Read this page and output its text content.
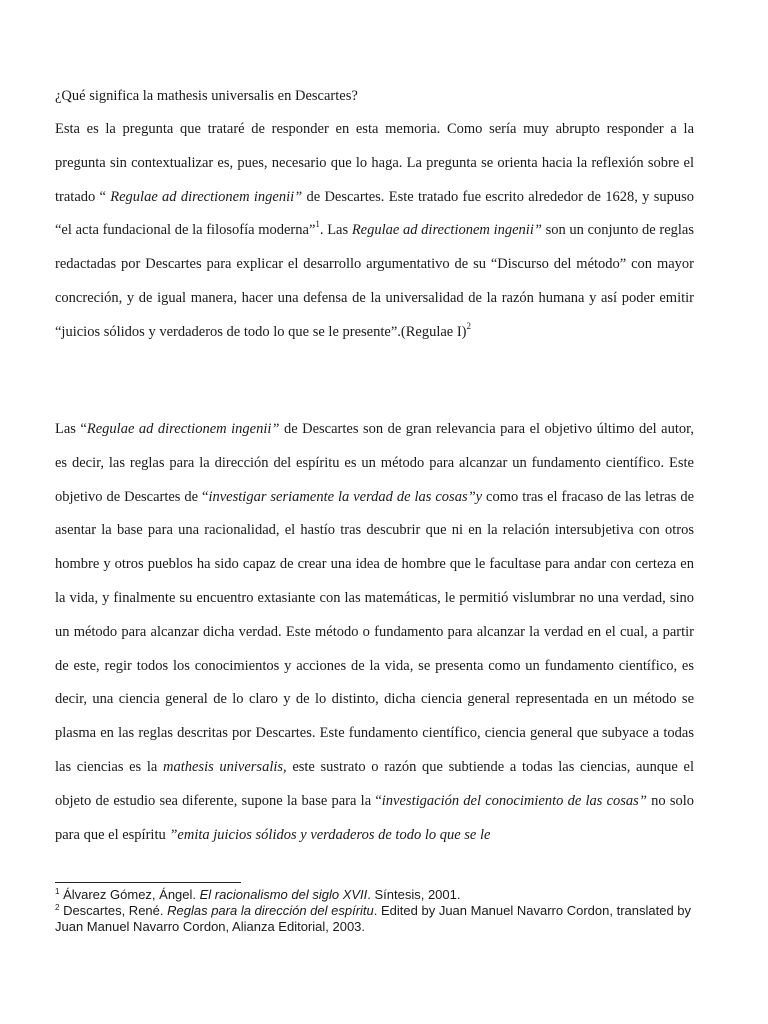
¿Qué significa la mathesis universalis en Descartes?

Esta es la pregunta que trataré de responder en esta memoria. Como sería muy abrupto responder a la pregunta sin contextualizar es, pues, necesario que lo haga. La pregunta se orienta hacia la reflexión sobre el tratado “ Regulae ad directionem ingenii” de Descartes. Este tratado fue escrito alrededor de 1628, y supuso “el acta fundacional de la filosofía moderna”$^1$. Las Regulae ad directionem ingenii” son un conjunto de reglas redactadas por Descartes para explicar el desarrollo argumentativo de su “Discurso del método” con mayor concreción, y de igual manera, hacer una defensa de la universalidad de la razón humana y así poder emitir “juicios sólidos y verdaderos de todo lo que se le presente”.(Regulae I)$^2$

Las “Regulae ad directionem ingenii” de Descartes son de gran relevancia para el objetivo último del autor, es decir, las reglas para la dirección del espíritu es un método para alcanzar un fundamento científico. Este objetivo de Descartes de “investigar seriamente la verdad de las cosas”y como tras el fracaso de las letras de asentar la base para una racionalidad, el hastío tras descubrir que ni en la relación intersubjetiva con otros hombre y otros pueblos ha sido capaz de crear una idea de hombre que le facultase para andar con certeza en la vida, y finalmente su encuentro extasiante con las matemáticas, le permitió vislumbrar no una verdad, sino un método para alcanzar dicha verdad. Este método o fundamento para alcanzar la verdad en el cual, a partir de este, regir todos los conocimientos y acciones de la vida, se presenta como un fundamento científico, es decir, una ciencia general de lo claro y de lo distinto, dicha ciencia general representada en un método se plasma en las reglas descritas por Descartes. Este fundamento científico, ciencia general que subyace a todas las ciencias es la mathesis universalis, este sustrato o razón que subtiende a todas las ciencias, aunque el objeto de estudio sea diferente, supone la base para la “investigación del conocimiento de las cosas” no solo para que el espíritu ”emita juicios sólidos y verdaderos de todo lo que se le

$^1$ Álvarez Gómez, Ángel. El racionalismo del siglo XVII. Síntesis, 2001.

$^2$ Descartes, René. Reglas para la dirección del espíritu. Edited by Juan Manuel Navarro Cordon, translated by Juan Manuel Navarro Cordon, Alianza Editorial, 2003.
